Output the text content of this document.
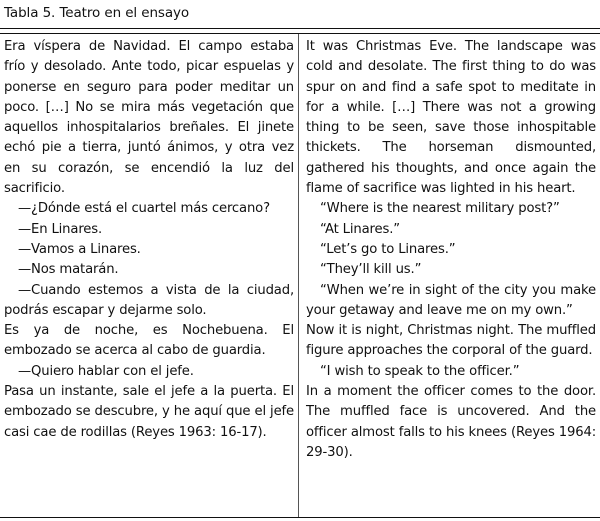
Tabla 5. Teatro en el ensayo

Era víspera de Navidad. El campo estaba frío y desolado. Ante todo, picar espuelas y ponerse en seguro para poder meditar un poco. […] No se mira más vegetación que aquellos inhospitalarios breñales. El jinete echó pie a tierra, juntó ánimos, y otra vez en su corazón, se encendió la luz del sacrificio.

—¿Dónde está el cuartel más cercano?

—En Linares.

—Vamos a Linares.

—Nos matarán.

—Cuando estemos a vista de la ciudad, podrás escapar y dejarme solo.

Es ya de noche, es Nochebuena. El embozado se acerca al cabo de guardia.

—Quiero hablar con el jefe.

Pasa un instante, sale el jefe a la puerta. El embozado se descubre, y he aquí que el jefe casi cae de rodillas (Reyes 1963: 16-17).

It was Christmas Eve. The landscape was cold and desolate. The first thing to do was spur on and find a safe spot to meditate in for a while. […] There was not a growing thing to be seen, save those inhospitable thickets. The horseman dismounted, gathered his thoughts, and once again the flame of sacrifice was lighted in his heart.

“Where is the nearest military post?”

“At Linares.”

“Let’s go to Linares.”

“They’ll kill us.”

“When we’re in sight of the city you make your getaway and leave me on my own.”

Now it is night, Christmas night. The muffled figure approaches the corporal of the guard.

“I wish to speak to the officer.”

In a moment the officer comes to the door. The muffled face is uncovered. And the officer almost falls to his knees (Reyes 1964: 29-30).
